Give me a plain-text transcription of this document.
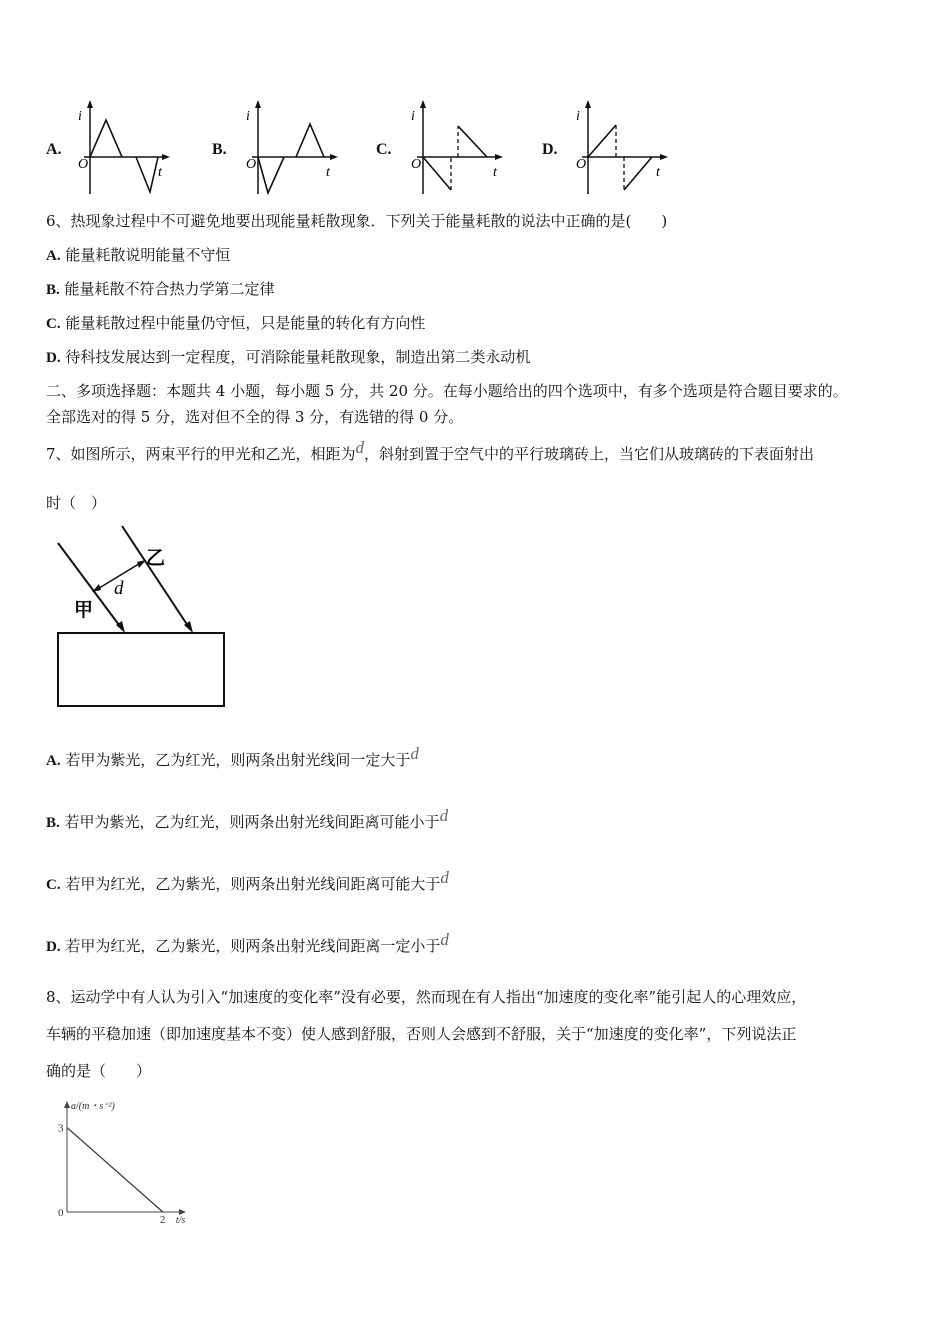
A.
O
i
t
B.
O
i
t
C.
O
i
t
D.
O
i
t
6、热现象过程中不可避免地要出现能量耗散现象．下列关于能量耗散的说法中正确的是(　　)
A. 能量耗散说明能量不守恒
B. 能量耗散不符合热力学第二定律
C. 能量耗散过程中能量仍守恒，只是能量的转化有方向性
D. 待科技发展达到一定程度，可消除能量耗散现象，制造出第二类永动机
二、多项选择题：本题共 4 小题，每小题 5 分，共 20 分。在每小题给出的四个选项中，有多个选项是符合题目要求的。
全部选对的得 5 分，选对但不全的得 3 分，有选错的得 0 分。
7、如图所示，两束平行的甲光和乙光，相距为d，斜射到置于空气中的平行玻璃砖上，当它们从玻璃砖的下表面射出
时（　）
d
甲
乙
A. 若甲为紫光，乙为红光，则两条出射光线间一定大于d
B. 若甲为紫光，乙为红光，则两条出射光线间距离可能小于d
C. 若甲为红光，乙为紫光，则两条出射光线间距离可能大于d
D. 若甲为红光，乙为紫光，则两条出射光线间距离一定小于d
8、运动学中有人认为引入“加速度的变化率”没有必要，然而现在有人指出“加速度的变化率”能引起人的心理效应，
车辆的平稳加速（即加速度基本不变）使人感到舒服，否则人会感到不舒服，关于“加速度的变化率”，下列说法正
确的是（　　）
a/(m・s⁻²)
t/s
3
0
2
